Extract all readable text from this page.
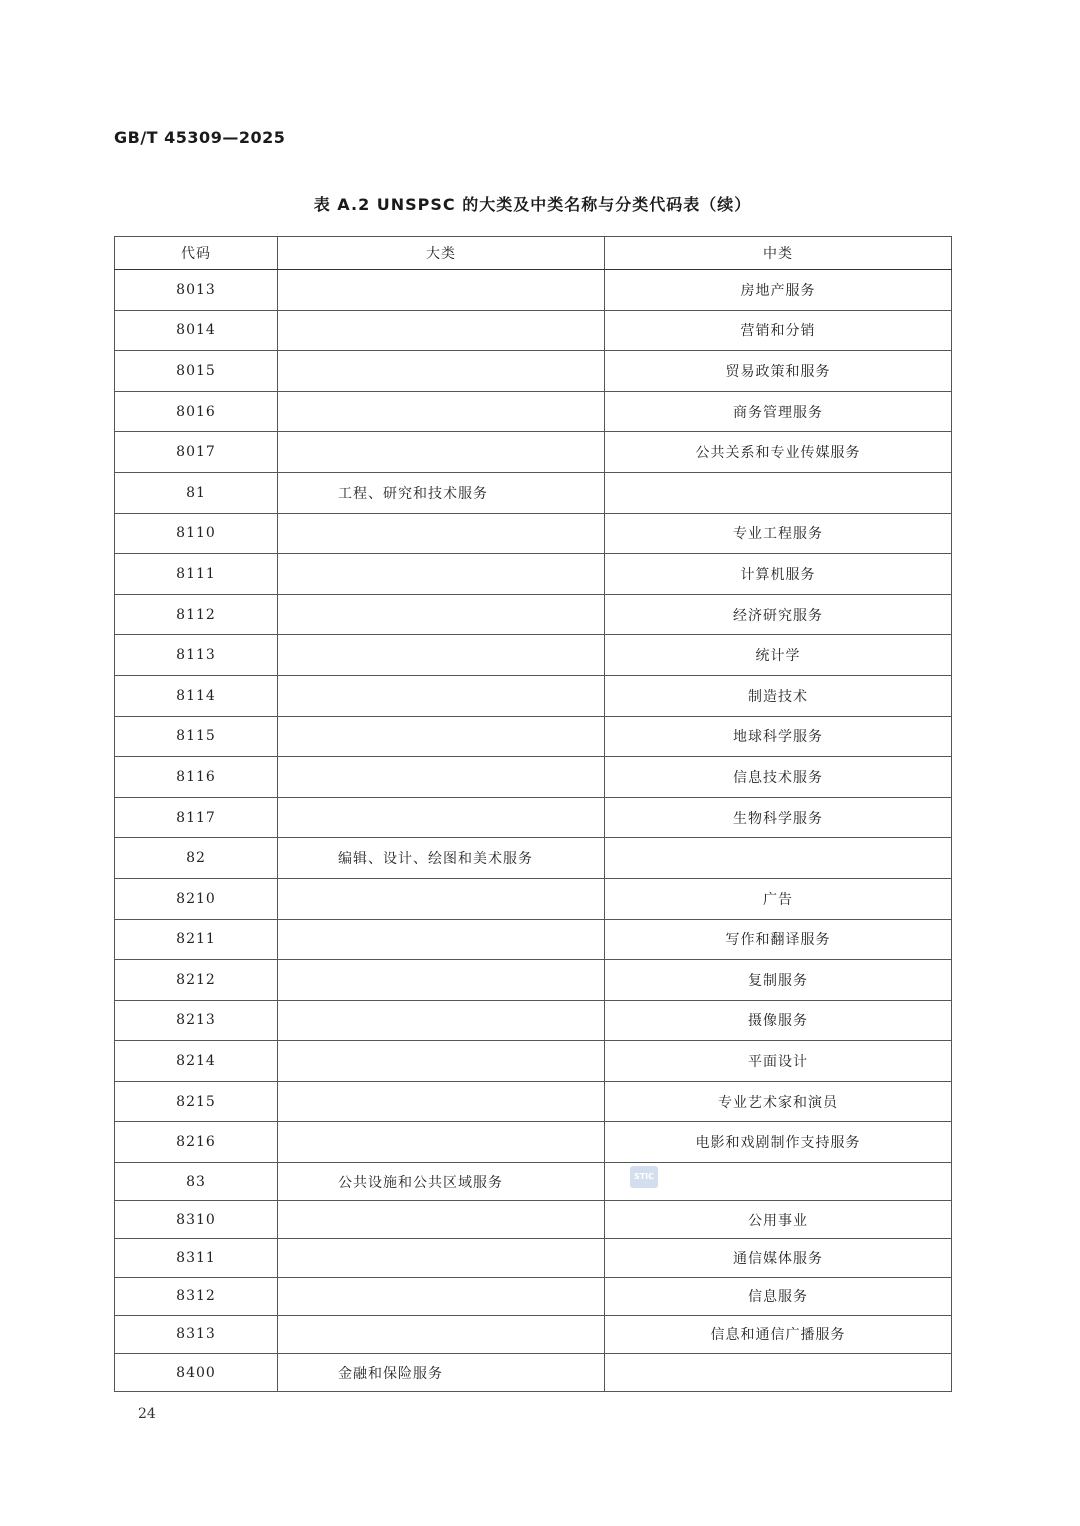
GB/T 45309—2025
表 A.2 UNSPSC 的大类及中类名称与分类代码表（续）
代码	大类	中类
8013		房地产服务
8014		营销和分销
8015		贸易政策和服务
8016		商务管理服务
8017		公共关系和专业传媒服务
81	工程、研究和技术服务	
8110		专业工程服务
8111		计算机服务
8112		经济研究服务
8113		统计学
8114		制造技术
8115		地球科学服务
8116		信息技术服务
8117		生物科学服务
82	编辑、设计、绘图和美术服务	
8210		广告
8211		写作和翻译服务
8212		复制服务
8213		摄像服务
8214		平面设计
8215		专业艺术家和演员
8216		电影和戏剧制作支持服务
83	公共设施和公共区域服务	
8310		公用事业
8311		通信媒体服务
8312		信息服务
8313		信息和通信广播服务
8400	金融和保险服务	
STIC
24
